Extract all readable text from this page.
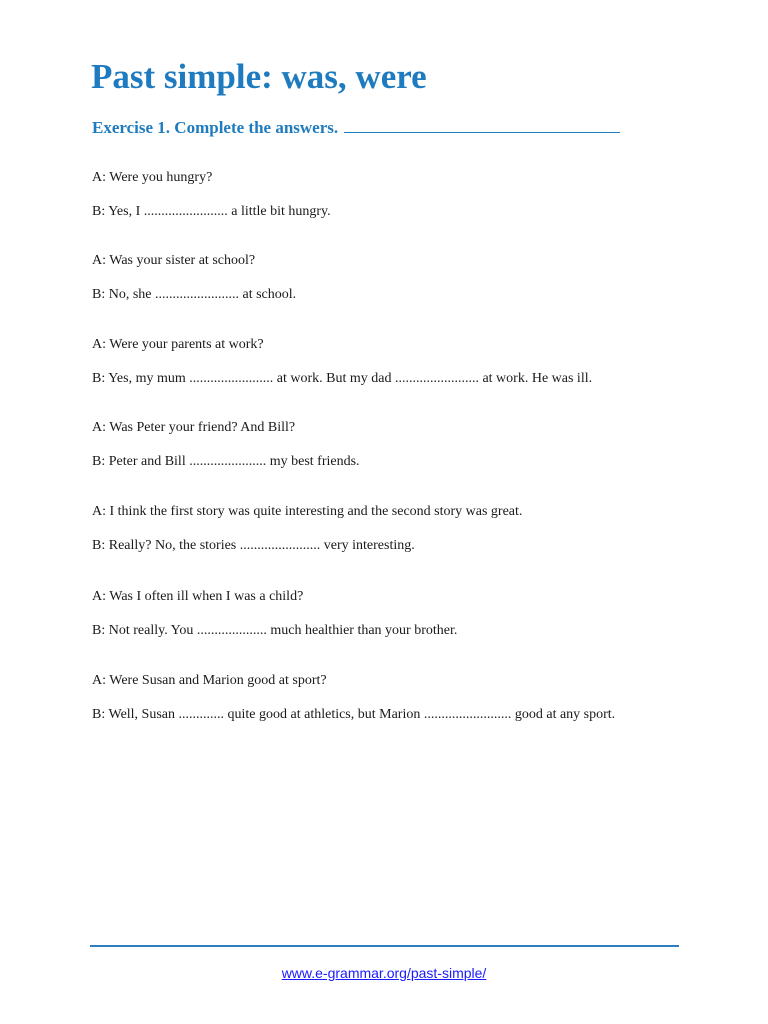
Past simple: was, were
Exercise 1. Complete the answers.

A: Were you hungry?

B: Yes, I ........................ a little bit hungry.

A: Was your sister at school?

B: No, she ........................ at school.

A: Were your parents at work?

B: Yes, my mum ........................ at work. But my dad ........................ at work. He was ill.

A: Was Peter your friend? And Bill?

B: Peter and Bill ...................... my best friends.

A: I think the first story was quite interesting and the second story was great.

B: Really? No, the stories ....................... very interesting.

A: Was I often ill when I was a child?

B: Not really. You .................... much healthier than your brother.

A: Were Susan and Marion good at sport?

B: Well, Susan ............. quite good at athletics, but Marion ......................... good at any sport.

www.e-grammar.org/past-simple/
